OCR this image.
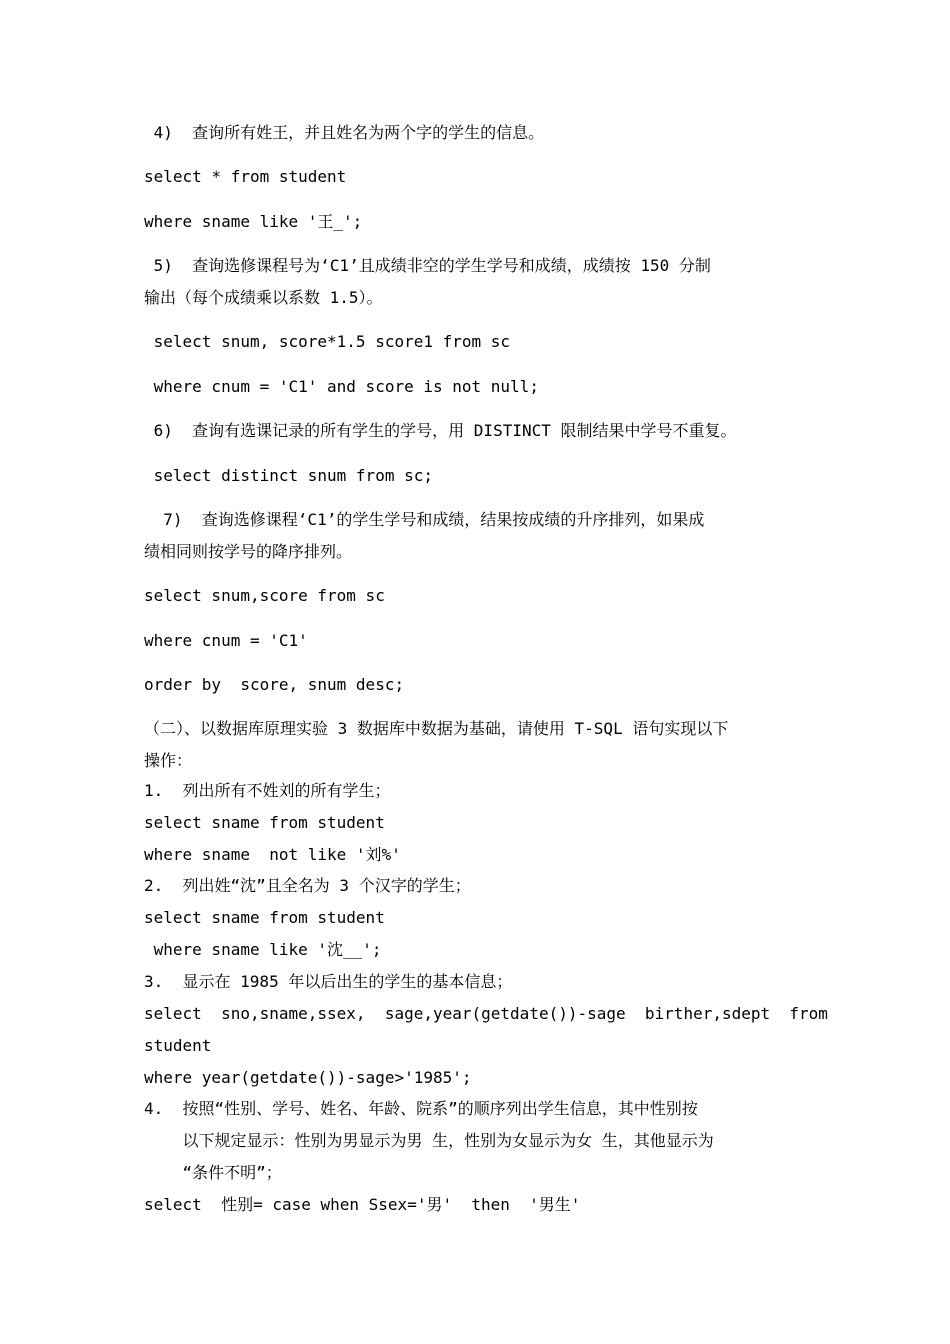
4)  查询所有姓王，并且姓名为两个字的学生的信息。
select * from student
where sname like '王_';
5)  查询选修课程号为‘C1’且成绩非空的学生学号和成绩，成绩按 150 分制
输出（每个成绩乘以系数 1.5）。
select snum, score*1.5 score1 from sc
where cnum = 'C1' and score is not null;
6)  查询有选课记录的所有学生的学号，用 DISTINCT 限制结果中学号不重复。
select distinct snum from sc;
7)  查询选修课程‘C1’的学生学号和成绩，结果按成绩的升序排列，如果成
绩相同则按学号的降序排列。
select snum,score from sc
where cnum = 'C1'
order by  score, snum desc;
（二）、以数据库原理实验 3 数据库中数据为基础，请使用 T-SQL 语句实现以下
操作：
1.  列出所有不姓刘的所有学生；
select sname from student
where sname  not like '刘%'
2.  列出姓“沈”且全名为 3 个汉字的学生；
select sname from student
where sname like '沈__';
3.  显示在 1985 年以后出生的学生的基本信息；
select  sno,sname,ssex,  sage,year(getdate())-sage  birther,sdept  from
student
where year(getdate())-sage>'1985';
4.  按照“性别、学号、姓名、年龄、院系”的顺序列出学生信息，其中性别按
以下规定显示：性别为男显示为男 生，性别为女显示为女 生，其他显示为
“条件不明”；
select  性别= case when Ssex='男'  then  '男生'
